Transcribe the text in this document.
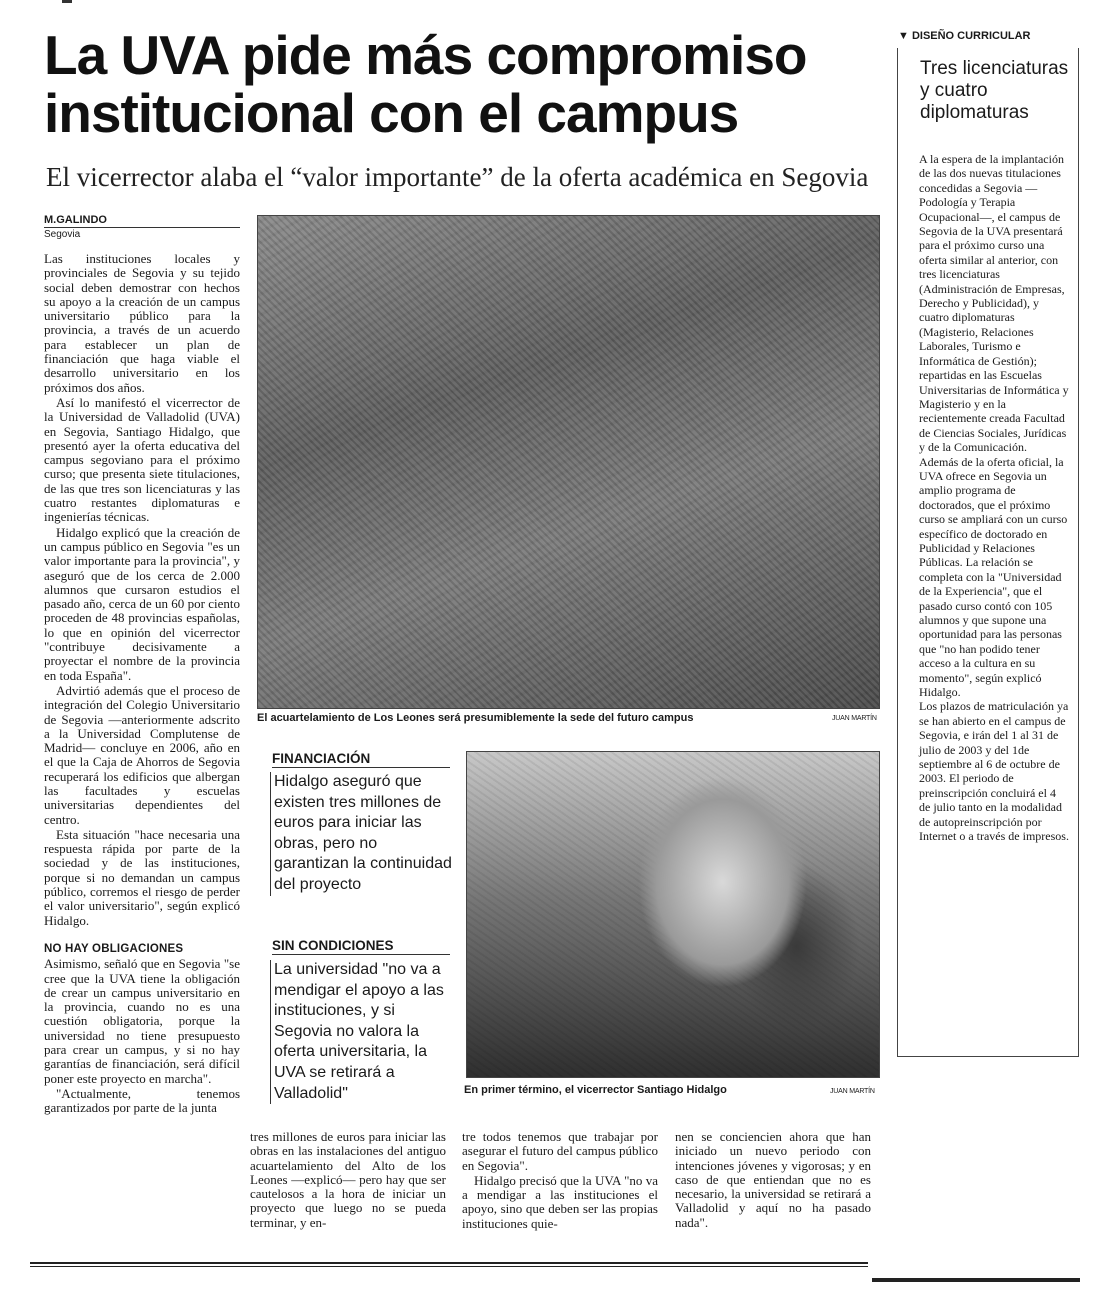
La UVA pide más compromiso
institucional con el campus
El vicerrector alaba el “valor importante” de la oferta académica en Segovia
M.GALINDO
Segovia

Las instituciones locales y provinciales de Segovia y su tejido social deben demostrar con hechos su apoyo a la creación de un campus universitario público para la provincia, a través de un acuerdo para establecer un plan de financiación que haga viable el desarrollo universitario en los próximos dos años.

Así lo manifestó el vicerrector de la Universidad de Valladolid (UVA) en Segovia, Santiago Hidalgo, que presentó ayer la oferta educativa del campus segoviano para el próximo curso; que presenta siete titulaciones, de las que tres son licenciaturas y las cuatro restantes diplomaturas e ingenierías técnicas.

Hidalgo explicó que la creación de un campus público en Segovia "es un valor importante para la provincia", y aseguró que de los cerca de 2.000 alumnos que cursaron estudios el pasado año, cerca de un 60 por ciento proceden de 48 provincias españolas, lo que en opinión del vicerrector "contribuye decisivamente a proyectar el nombre de la provincia en toda España".

Advirtió además que el proceso de integración del Colegio Universitario de Segovia —anteriormente adscrito a la Universidad Complutense de Madrid— concluye en 2006, año en el que la Caja de Ahorros de Segovia recuperará los edificios que albergan las facultades y escuelas universitarias dependientes del centro.

Esta situación "hace necesaria una respuesta rápida por parte de la sociedad y de las instituciones, porque si no demandan un campus público, corremos el riesgo de perder el valor universitario", según explicó Hidalgo.

NO HAY OBLIGACIONES

Asimismo, señaló que en Segovia "se cree que la UVA tiene la obligación de crear un campus universitario en la provincia, cuando no es una cuestión obligatoria, porque la universidad no tiene presupuesto para crear un campus, y si no hay garantías de financiación, será difícil poner este proyecto en marcha".

"Actualmente, tenemos garantizados por parte de la junta

El acuartelamiento de Los Leones será presumiblemente la sede del futuro campus	JUAN MARTÍN
FINANCIACIÓN
Hidalgo aseguró que existen tres millones de euros para iniciar las obras, pero no garantizan la continuidad del proyecto
SIN CONDICIONES
La universidad "no va a mendigar el apoyo a las instituciones, y si Segovia no valora la oferta universitaria, la UVA se retirará a Valladolid"	En primer término, el vicerrector Santiago Hidalgo	JUAN MARTÍN

tres millones de euros para iniciar las obras en las instalaciones del antiguo acuartelamiento del Alto de los Leones —explicó— pero hay que ser cautelosos a la hora de iniciar un proyecto que luego no se pueda terminar, y en-

tre todos tenemos que trabajar por asegurar el futuro del campus público en Segovia".

Hidalgo precisó que la UVA "no va a mendigar a las instituciones el apoyo, sino que deben ser las propias instituciones quie-

nen se conciencien ahora que han iniciado un nuevo periodo con intenciones jóvenes y vigorosas; y en caso de que entiendan que no es necesario, la universidad se retirará a Valladolid y aquí no ha pasado nada".

▼ DISEÑO CURRICULAR
Tres licenciaturas y cuatro diplomaturas

A la espera de la implantación de las dos nuevas titulaciones concedidas a Segovia —Podología y Terapia Ocupacional—, el campus de Segovia de la UVA presentará para el próximo curso una oferta similar al anterior, con tres licenciaturas (Administración de Empresas, Derecho y Publicidad), y cuatro diplomaturas (Magisterio, Relaciones Laborales, Turismo e Informática de Gestión); repartidas en las Escuelas Universitarias de Informática y Magisterio y en la recientemente creada Facultad de Ciencias Sociales, Jurídicas y de la Comunicación.

Además de la oferta oficial, la UVA ofrece en Segovia un amplio programa de doctorados, que el próximo curso se ampliará con un curso específico de doctorado en Publicidad y Relaciones Públicas. La relación se completa con la "Universidad de la Experiencia", que el pasado curso contó con 105 alumnos y que supone una oportunidad para las personas que "no han podido tener acceso a la cultura en su momento", según explicó Hidalgo.

Los plazos de matriculación ya se han abierto en el campus de Segovia, e irán del 1 al 31 de julio de 2003 y del 1de septiembre al 6 de octubre de 2003. El periodo de preinscripción concluirá el 4 de julio tanto en la modalidad de autopreinscripción por Internet o a través de impresos.
